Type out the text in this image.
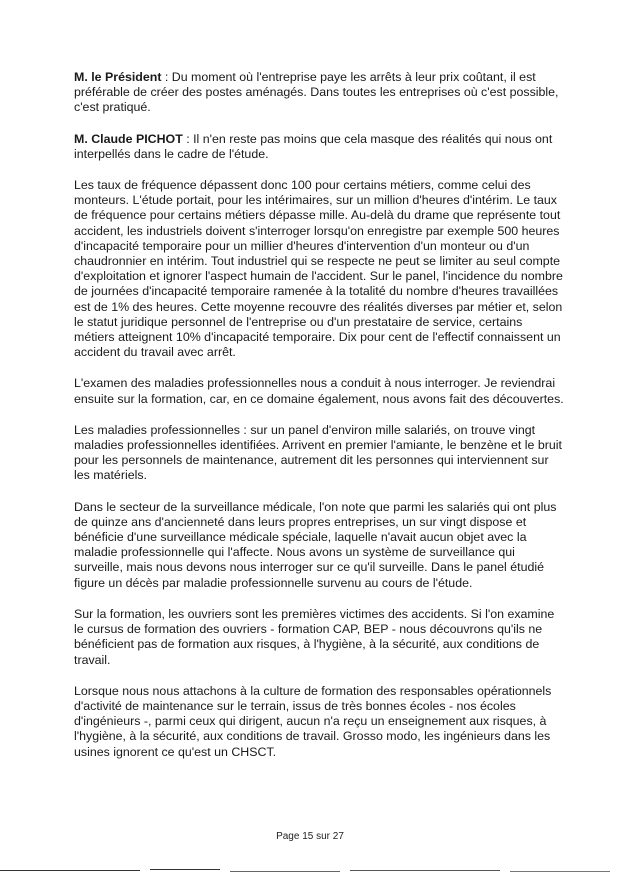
M. le Président : Du moment où l'entreprise paye les arrêts à leur prix coûtant, il est préférable de créer des postes aménagés. Dans toutes les entreprises où c'est possible, c'est pratiqué.

M. Claude PICHOT : Il n'en reste pas moins que cela masque des réalités qui nous ont interpellés dans le cadre de l'étude.

Les taux de fréquence dépassent donc 100 pour certains métiers, comme celui des monteurs. L'étude portait, pour les intérimaires, sur un million d'heures d'intérim. Le taux de fréquence pour certains métiers dépasse mille. Au-delà du drame que représente tout accident, les industriels doivent s'interroger lorsqu'on enregistre par exemple 500 heures d'incapacité temporaire pour un millier d'heures d'intervention d'un monteur ou d'un chaudronnier en intérim. Tout industriel qui se respecte ne peut se limiter au seul compte d'exploitation et ignorer l'aspect humain de l'accident. Sur le panel, l'incidence du nombre de journées d'incapacité temporaire ramenée à la totalité du nombre d'heures travaillées est de 1% des heures. Cette moyenne recouvre des réalités diverses par métier et, selon le statut juridique personnel de l'entreprise ou d'un prestataire de service, certains métiers atteignent 10% d'incapacité temporaire. Dix pour cent de l'effectif connaissent un accident du travail avec arrêt.

L'examen des maladies professionnelles nous a conduit à nous interroger. Je reviendrai ensuite sur la formation, car, en ce domaine également, nous avons fait des découvertes.

Les maladies professionnelles : sur un panel d'environ mille salariés, on trouve vingt maladies professionnelles identifiées. Arrivent en premier l'amiante, le benzène et le bruit pour les personnels de maintenance, autrement dit les personnes qui interviennent sur les matériels.

Dans le secteur de la surveillance médicale, l'on note que parmi les salariés qui ont plus de quinze ans d'ancienneté dans leurs propres entreprises, un sur vingt dispose et bénéficie d'une surveillance médicale spéciale, laquelle n'avait aucun objet avec la maladie professionnelle qui l'affecte. Nous avons un système de surveillance qui surveille, mais nous devons nous interroger sur ce qu'il surveille. Dans le panel étudié figure un décès par maladie professionnelle survenu au cours de l'étude.

Sur la formation, les ouvriers sont les premières victimes des accidents. Si l'on examine le cursus de formation des ouvriers - formation CAP, BEP - nous découvrons qu'ils ne bénéficient pas de formation aux risques, à l'hygiène, à la sécurité, aux conditions de travail.

Lorsque nous nous attachons à la culture de formation des responsables opérationnels d'activité de maintenance sur le terrain, issus de très bonnes écoles - nos écoles d'ingénieurs -, parmi ceux qui dirigent, aucun n'a reçu un enseignement aux risques, à l'hygiène, à la sécurité, aux conditions de travail. Grosso modo, les ingénieurs dans les usines ignorent ce qu'est un CHSCT.

Page 15 sur 27
